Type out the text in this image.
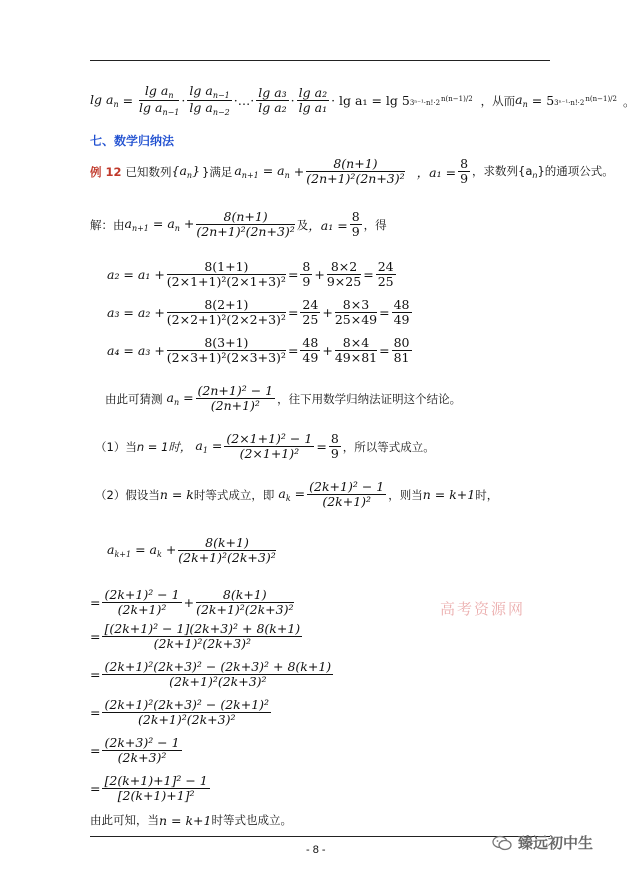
$\lg a_n$ =
$\lg a_n$
$\lg a_{n-1}$
·
$\lg a_{n-1}$
$\lg a_{n-2}$
·…·
lg a₃
lg a₂ ·
lg a₂
lg a₁ · lg a₁ = lg 5 3ⁿ⁻¹·n!·2n(n−1)/2 ，从而 $a_n$
= 5 3ⁿ⁻¹·n!·2n(n−1)/2 。
七、数学归纳法
例 12
已知数列 $\{a_n\}$ }满足 $a_{n+1}$
= $a_n$ +
8(n+1)
(2n+1)²(2n+3)² ，$a_1 = \frac{8}{9}$ ，求数列$\{a_n\}$的通项公式。
解：由 $a_{n+1} = a_n + \frac{8(n+1)}{\text{(2n+1)²(2n+3)²}}$ 及 ，$a_1 = \frac{8}{9}$ ，得
$a_2 = a_1 + \frac{8(1+1)}{\text{(2×1+1)²(2×1+3)²}}$ =
8
9 +
8×2
9×25 =
24
25
$a_3 = a_2 + \frac{8(2+1)}{\text{(2×2+1)²(2×2+3)²}}$ =
24
25 +
8×3
25×49 =
48
49
$a_4 = a_3 + \frac{8(3+1)}{\text{(2×3+1)²(2×3+3)²}}$ =
48
49 +
8×4
49×81 =
80
81
由此可猜测
$a_n = \frac{\text{(2n+1)² − 1}}{\text{(2n+1)²}}$ ，往下用数学归纳法证明这个结论。
（1）当 n = 1时，
$a_1 = \frac{\text{(2×1+1)² − 1}}{\text{(2×1+1)²}}$ =
8
9 ，所以等式成立。
（2）假设当 n = k 时等式成立，即
$a_k = \frac{\text{(2k+1)² − 1}}{\text{(2k+1)²}}$ ，则当 n = k+1 时，
$a_{k+1}$
= $a_k + \frac{8(k+1)}{\text{(2k+1)²(2k+3)²}}$
= $\frac{\text{(2k+1)² − 1}}{\text{(2k+1)²}}$ +
8(k+1)
(2k+1)²(2k+3)²
= $\frac{\text{[(2k+1)² − 1](2k+3)² + 8(k+1)}}{\text{(2k+1)²(2k+3)²}}$
= $\frac{\text{(2k+1)²(2k+3)² − (2k+3)² + 8(k+1)}}{\text{(2k+1)²(2k+3)²}}$
= $\frac{\text{(2k+1)²(2k+3)² − (2k+1)²}}{\text{(2k+1)²(2k+3)²}}$
= $\frac{\text{(2k+3)² − 1}}{\text{(2k+3)²}}$
= $\frac{\text{[2(k+1)+1]² − 1}}{\text{[2(k+1)+1]²}}$
由此可知，当 n = k+1 时等式也成立。
高考资源网
- 8 -	臻远初中生
